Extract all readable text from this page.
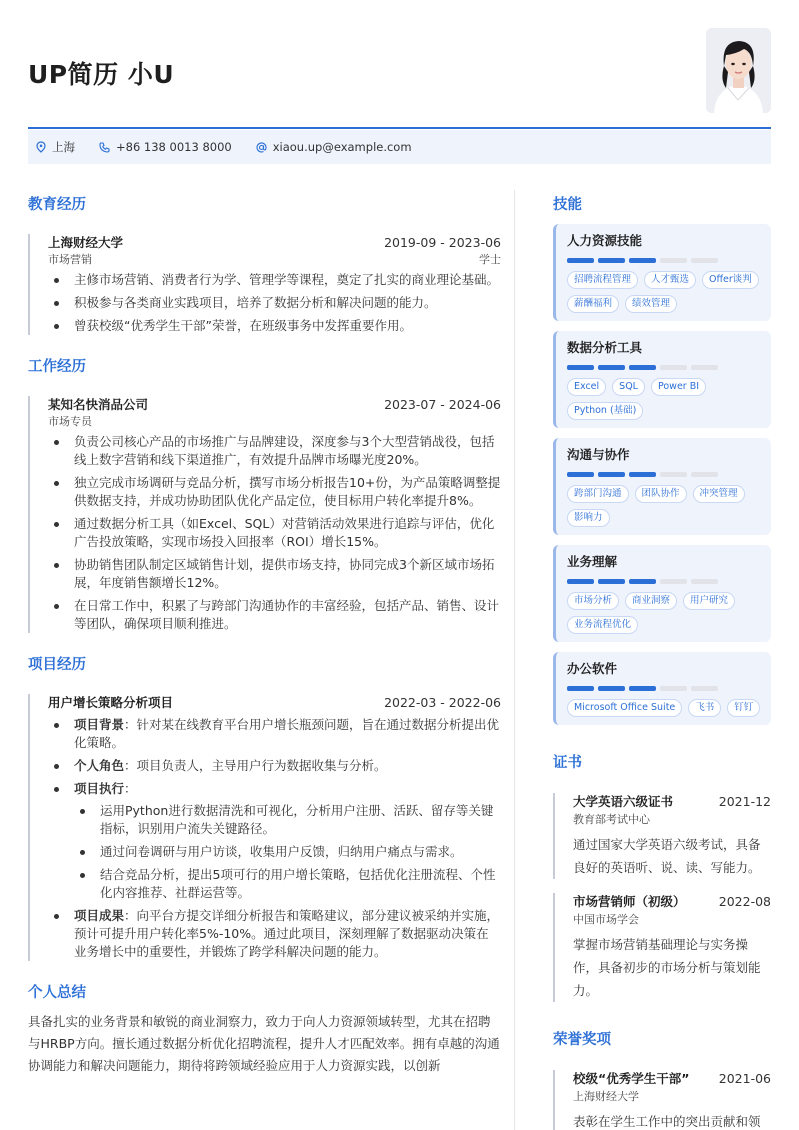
UP简历 小U
上海	+86 138 0013 8000	xiaou.up@example.com
教育经历
上海财经大学	2019-09 - 2023-06
市场营销	学士
主修市场营销、消费者行为学、管理学等课程，奠定了扎实的商业理论基础。
积极参与各类商业实践项目，培养了数据分析和解决问题的能力。
曾获校级“优秀学生干部”荣誉，在班级事务中发挥重要作用。
工作经历
某知名快消品公司	2023-07 - 2024-06
市场专员
负责公司核心产品的市场推广与品牌建设，深度参与3个大型营销战役，包括线上数字营销和线下渠道推广，有效提升品牌市场曝光度20%。
独立完成市场调研与竞品分析，撰写市场分析报告10+份，为产品策略调整提供数据支持，并成功协助团队优化产品定位，使目标用户转化率提升8%。
通过数据分析工具（如Excel、SQL）对营销活动效果进行追踪与评估，优化广告投放策略，实现市场投入回报率（ROI）增长15%。
协助销售团队制定区域销售计划，提供市场支持，协同完成3个新区域市场拓展，年度销售额增长12%。
在日常工作中，积累了与跨部门沟通协作的丰富经验，包括产品、销售、设计等团队，确保项目顺利推进。
项目经历
用户增长策略分析项目	2022-03 - 2022-06
项目背景：针对某在线教育平台用户增长瓶颈问题，旨在通过数据分析提出优化策略。
个人角色：项目负责人，主导用户行为数据收集与分析。
项目执行：
运用Python进行数据清洗和可视化，分析用户注册、活跃、留存等关键指标，识别用户流失关键路径。
通过问卷调研与用户访谈，收集用户反馈，归纳用户痛点与需求。
结合竞品分析，提出5项可行的用户增长策略，包括优化注册流程、个性化内容推荐、社群运营等。
项目成果：向平台方提交详细分析报告和策略建议，部分建议被采纳并实施，预计可提升用户转化率5%-10%。通过此项目，深刻理解了数据驱动决策在业务增长中的重要性，并锻炼了跨学科解决问题的能力。
个人总结
具备扎实的业务背景和敏锐的商业洞察力，致力于向人力资源领域转型，尤其在招聘与HRBP方向。擅长通过数据分析优化招聘流程，提升人才匹配效率。拥有卓越的沟通协调能力和解决问题能力，期待将跨领域经验应用于人力资源实践，以创新
技能
人力资源技能
招聘流程管理	人才甄选	Offer谈判
薪酬福利	绩效管理
数据分析工具
Excel	SQL	Power BI
Python (基础)
沟通与协作
跨部门沟通	团队协作	冲突管理
影响力
业务理解
市场分析	商业洞察	用户研究
业务流程优化
办公软件
Microsoft Office Suite	飞书	钉钉
证书
大学英语六级证书	2021-12
教育部考试中心
通过国家大学英语六级考试，具备良好的英语听、说、读、写能力。
市场营销师（初级）	2022-08
中国市场学会
掌握市场营销基础理论与实务操作，具备初步的市场分析与策划能力。
荣誉奖项
校级“优秀学生干部” 2021-06
上海财经大学
表彰在学生工作中的突出贡献和领
